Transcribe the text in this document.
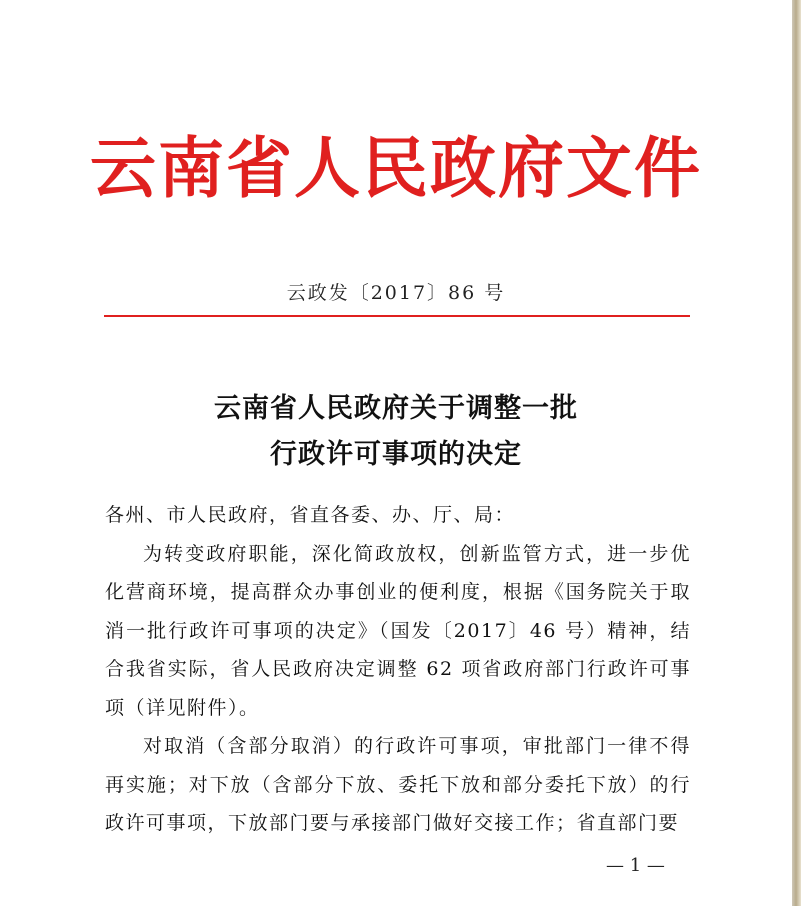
云南省人民政府文件
云政发〔2017〕86 号
云南省人民政府关于调整一批
行政许可事项的决定

各州、市人民政府，省直各委、办、厅、局：

为转变政府职能，深化简政放权，创新监管方式，进一步优化营商环境，提高群众办事创业的便利度，根据《国务院关于取消一批行政许可事项的决定》（国发〔2017〕46 号）精神，结合我省实际，省人民政府决定调整 62 项省政府部门行政许可事项（详见附件）。

对取消（含部分取消）的行政许可事项，审批部门一律不得再实施；对下放（含部分下放、委托下放和部分委托下放）的行政许可事项，下放部门要与承接部门做好交接工作；省直部门要

— 1 —
